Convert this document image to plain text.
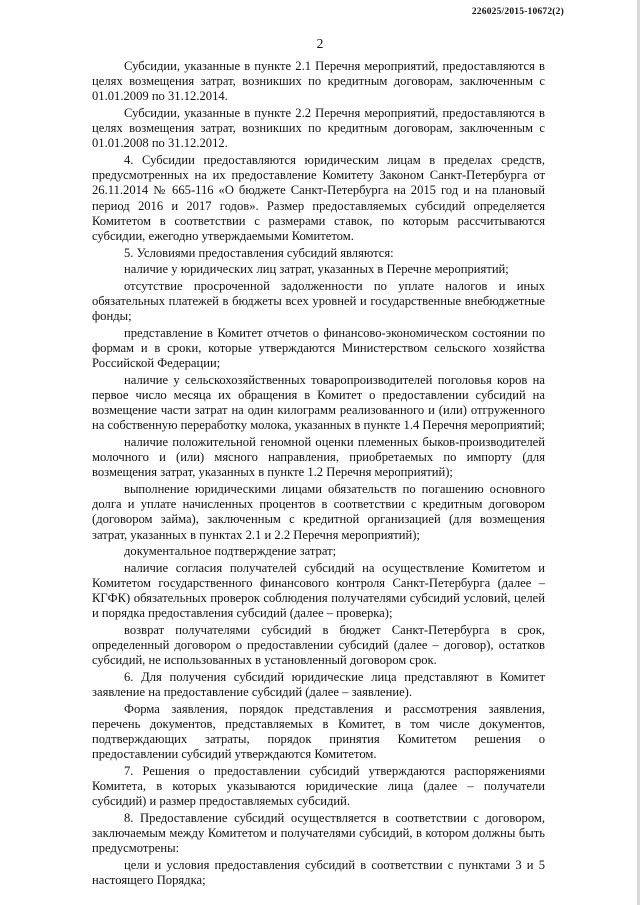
226025/2015-10672(2)
2

Субсидии, указанные в пункте 2.1 Перечня мероприятий, предоставляются в целях возмещения затрат, возникших по кредитным договорам, заключенным с 01.01.2009 по 31.12.2014.

Субсидии, указанные в пункте 2.2 Перечня мероприятий, предоставляются в целях возмещения затрат, возникших по кредитным договорам, заключенным с 01.01.2008 по 31.12.2012.

4. Субсидии предоставляются юридическим лицам в пределах средств, предусмотренных на их предоставление Комитету Законом Санкт-Петербурга от 26.11.2014 № 665-116 «О бюджете Санкт-Петербурга на 2015 год и на плановый период 2016 и 2017 годов». Размер предоставляемых субсидий определяется Комитетом в соответствии с размерами ставок, по которым рассчитываются субсидии, ежегодно утверждаемыми Комитетом.

5. Условиями предоставления субсидий являются:

наличие у юридических лиц затрат, указанных в Перечне мероприятий;

отсутствие просроченной задолженности по уплате налогов и иных обязательных платежей в бюджеты всех уровней и государственные внебюджетные фонды;

представление в Комитет отчетов о финансово-экономическом состоянии по формам и в сроки, которые утверждаются Министерством сельского хозяйства Российской Федерации;

наличие у сельскохозяйственных товаропроизводителей поголовья коров на первое число месяца их обращения в Комитет о предоставлении субсидий на возмещение части затрат на один килограмм реализованного и (или) отгруженного на собственную переработку молока, указанных в пункте 1.4 Перечня мероприятий;

наличие положительной геномной оценки племенных быков-производителей молочного и (или) мясного направления, приобретаемых по импорту (для возмещения затрат, указанных в пункте 1.2 Перечня мероприятий);

выполнение юридическими лицами обязательств по погашению основного долга и уплате начисленных процентов в соответствии с кредитным договором (договором займа), заключенным с кредитной организацией (для возмещения затрат, указанных в пунктах 2.1 и 2.2 Перечня мероприятий);

документальное подтверждение затрат;

наличие согласия получателей субсидий на осуществление Комитетом и Комитетом государственного финансового контроля Санкт-Петербурга (далее – КГФК) обязательных проверок соблюдения получателями субсидий условий, целей и порядка предоставления субсидий (далее – проверка);

возврат получателями субсидий в бюджет Санкт-Петербурга в срок, определенный договором о предоставлении субсидий (далее – договор), остатков субсидий, не использованных в установленный договором срок.

6. Для получения субсидий юридические лица представляют в Комитет заявление на предоставление субсидий (далее – заявление).

Форма заявления, порядок представления и рассмотрения заявления, перечень документов, представляемых в Комитет, в том числе документов, подтверждающих затраты, порядок принятия Комитетом решения о предоставлении субсидий утверждаются Комитетом.

7. Решения о предоставлении субсидий утверждаются распоряжениями Комитета, в которых указываются юридические лица (далее – получатели субсидий) и размер предоставляемых субсидий.

8. Предоставление субсидий осуществляется в соответствии с договором, заключаемым между Комитетом и получателями субсидий, в котором должны быть предусмотрены:

цели и условия предоставления субсидий в соответствии с пунктами 3 и 5 настоящего Порядка;
